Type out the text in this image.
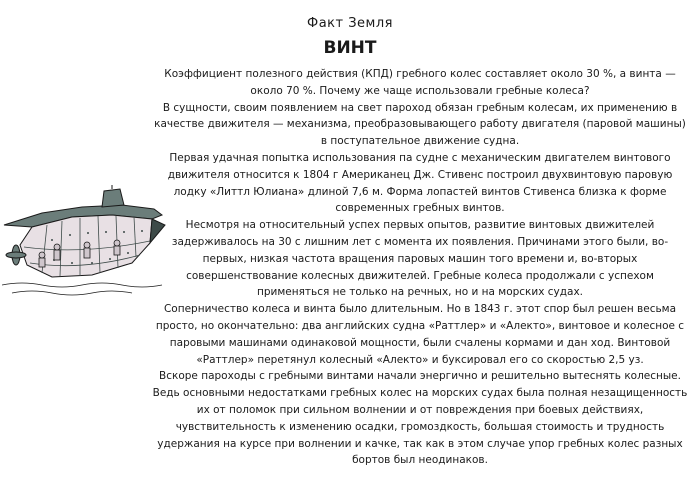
Факт Земля
ВИНТ

Коэффициент полезного действия (КПД) гребного колес составляет около 30 %, а винта — около 70 %. Почему же чаще использовали гребные колеса?

В сущности, своим появлением на свет пароход обязан гребным колесам, их применению в качестве движителя — механизма, преобразовывающего работу двигателя (паровой машины) в поступательное движение судна.

Первая удачная попытка использования па судне с механическим двигателем винтового движителя относится к 1804 г Американец Дж. Стивенс построил двухвинтовую паровую лодку «Литтл Юлиана» длиной 7,6 м. Форма лопастей винтов Стивенса близка к форме современных гребных винтов.

Несмотря на относительный успех первых опытов, развитие винтовых движителей задерживалось на 30 с лишним лет с момента их появления. Причинами этого были, во-первых, низкая частота вращения паровых машин того времени и, во-вторых совершенствование колесных движителей. Гребные колеса продолжали с успехом применяться не только на речных, но и на морских судах.

Соперничество колеса и винта было длительным. Но в 1843 г. этот спор был решен весьма просто, но окончательно: два английских судна «Раттлер» и «Алекто», винтовое и колесное с паровыми машинами одинаковой мощности, были счалены кормами и дан ход. Винтовой «Раттлер» перетянул колесный «Алекто» и буксировал его со скоростью 2,5 уз.

Вскоре пароходы с гребными винтами начали энергично и решительно вытеснять колесные.

Ведь основными недостатками гребных колес на морских судах была полная незащищенность их от поломок при сильном волнении и от повреждения при боевых действиях, чувствительность к изменению осадки, громоздкость, большая стоимость и трудность удержания на курсе при волнении и качке, так как в этом случае упор гребных колес разных бортов был неодинаков.
